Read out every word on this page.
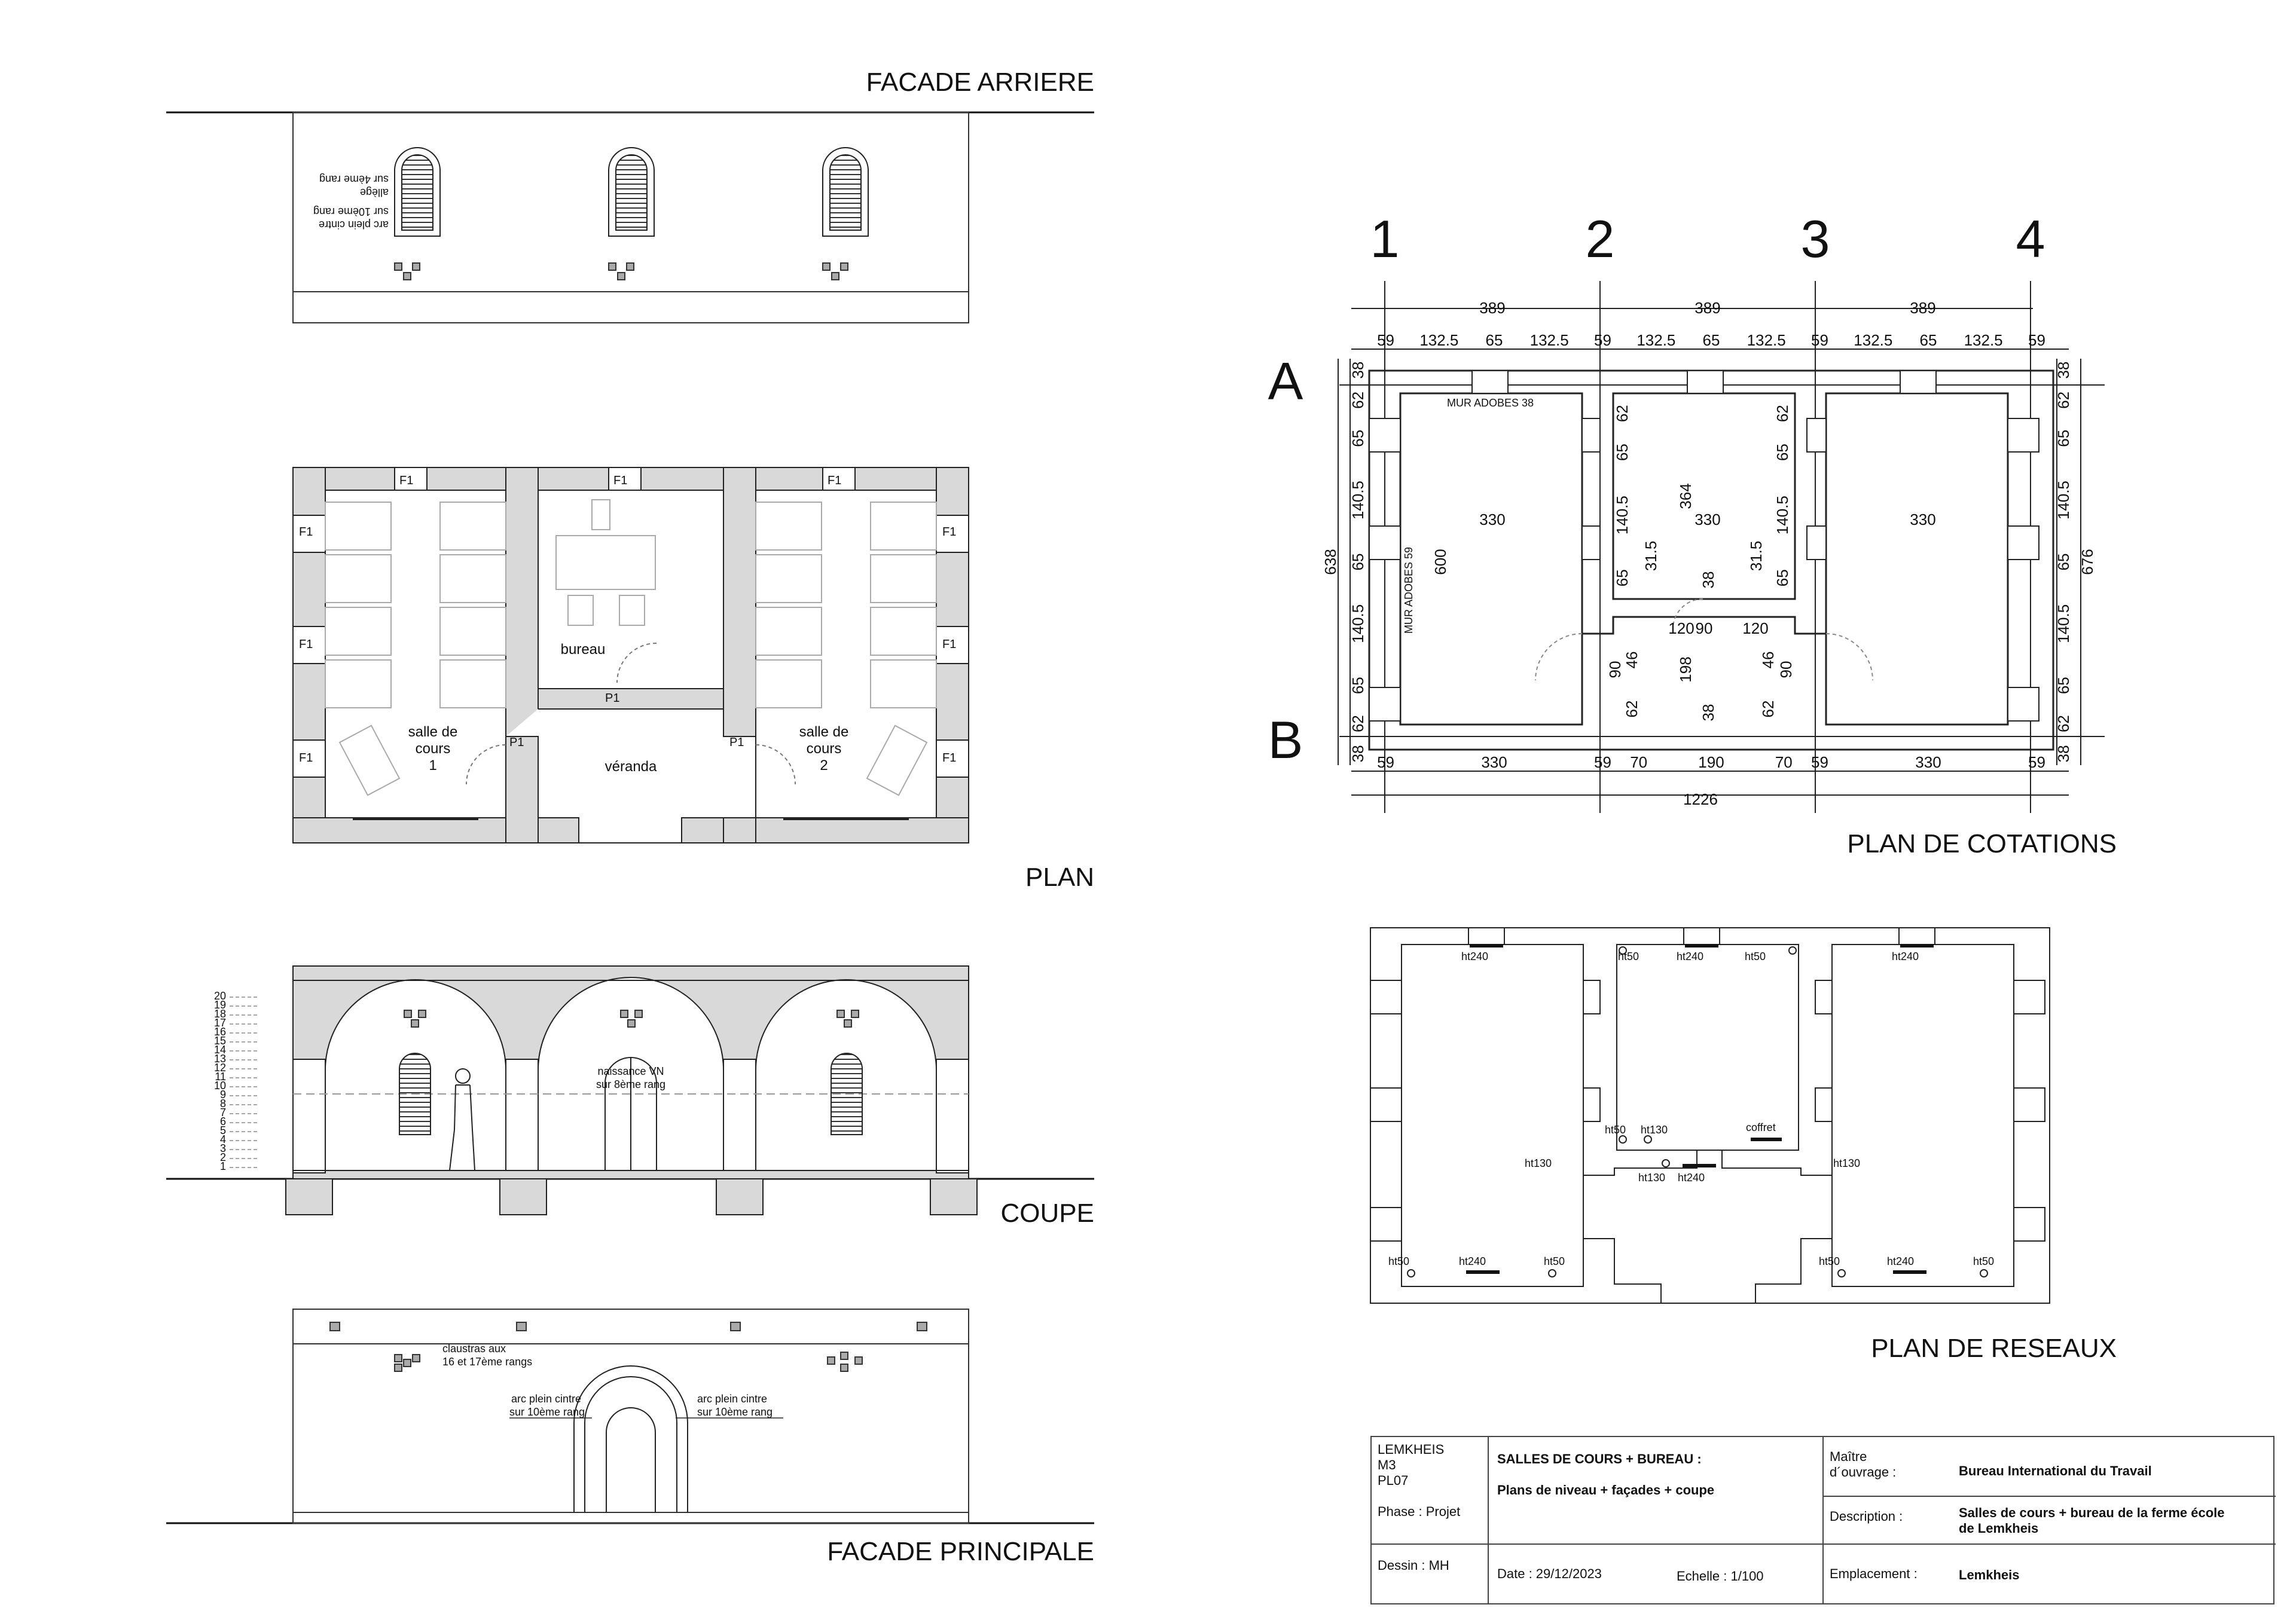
FACADE ARRIERE
arc plein cintre
sur 10ème rang
allège
sur 4ème rang
PLAN
F1	F1	F1
F1
F1
F1
F1
F1
F1
P1
P1	P1
bureau
véranda
salle de
cours
1
salle de
cours
2
COUPE
naissance VN
sur 8ème rang
20
19
18
17
16
15
14
13
12
11
10
9
8
7
6
5
4
3
2
1
FACADE PRINCIPALE
claustras aux
16 et 17ème rangs
arc plein cintre
sur 10ème rang
arc plein cintre
sur 10ème rang
PLAN DE COTATIONS
1	2	3	4
A
B
389	389	389
330	330	330
1226
638	676
600
364
MUR ADOBES 38
MUR ADOBES 59	120 90 120
198
38
31.5	31.5
38
46	46
90	90
62	62
59 132.5 65 132.5 59 132.5 65 132.5 59 132.5 65 132.5 59
59	330	59 70	190	70 59	330	59
38
62
65
140.5
65
140.5
65
62
38
38
62
65
140.5
65
140.5
65
62
38
62
65
140.5
65
62
65
140.5
65
PLAN DE RESEAUX
ht240	ht240	ht240
ht50	ht50
ht50 ht130	coffret
ht130 ht240
ht130	ht130
ht50	ht240	ht50	ht50	ht240	ht50
LEMKHEIS
M3
PL07

Phase : Projet
Dessin : MH
SALLES DE COURS + BUREAU :

Plans de niveau + façades + coupe
Date : 29/12/2023	Echelle : 1/100
Maître
d´ouvrage :	Bureau International du Travail
Description :	Salles de cours + bureau de la ferme école
de Lemkheis
Emplacement :	Lemkheis
